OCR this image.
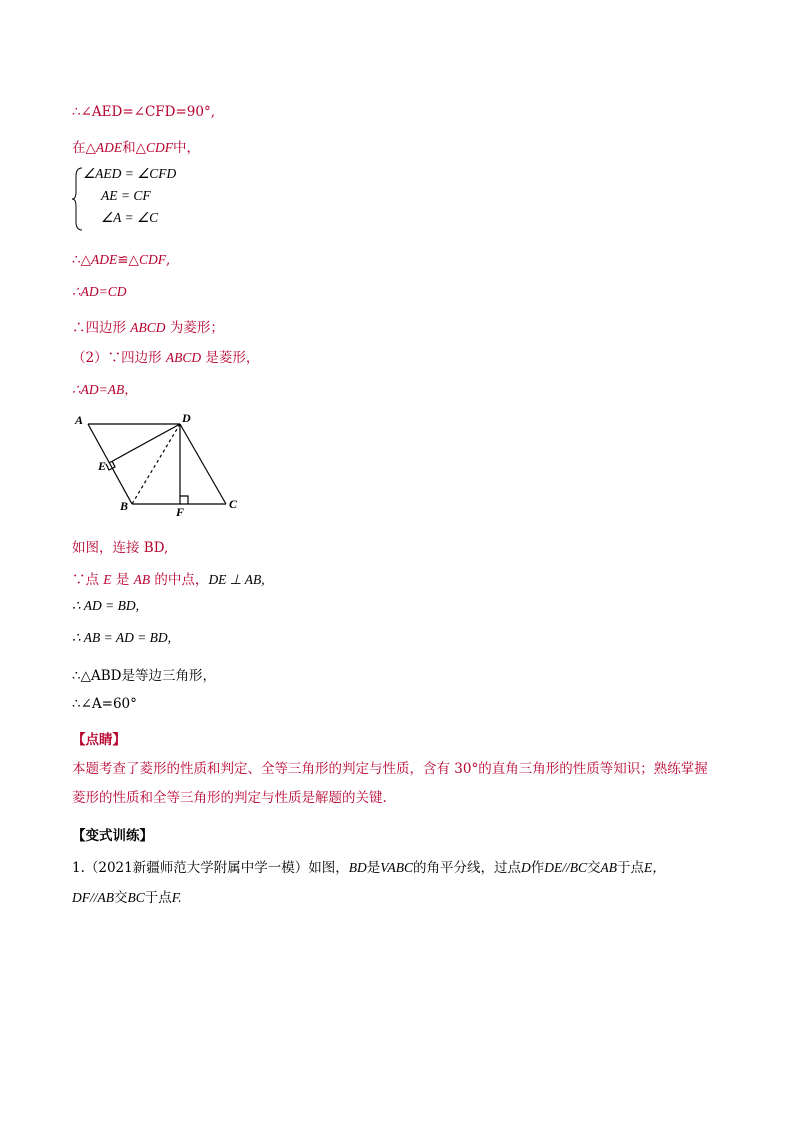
∴∠AED=∠CFD=90°,
在△ADE和△CDF中，
∠AED = ∠CFD
AE = CF
∠A = ∠C
∴△ADE≌△CDF,
∴AD=CD
∴四边形 ABCD 为菱形；
（2）∵四边形 ABCD 是菱形，
∴AD=AB，
A	D
E
B	F
C
如图，连接 BD,
∵点 E 是 AB 的中点，DE ⊥ AB,
∴ AD = BD,
∴ AB = AD = BD,
∴△ABD是等边三角形，
∴∠A=60°
【点睛】
本题考查了菱形的性质和判定、全等三角形的判定与性质，含有 30°的直角三角形的性质等知识；熟练掌握
菱形的性质和全等三角形的判定与性质是解题的关键.
【变式训练】
1.（2021新疆师范大学附属中学一模）如图，BD是VABC的角平分线，过点D作DE//BC交AB于点E，
DF//AB交BC于点F.
